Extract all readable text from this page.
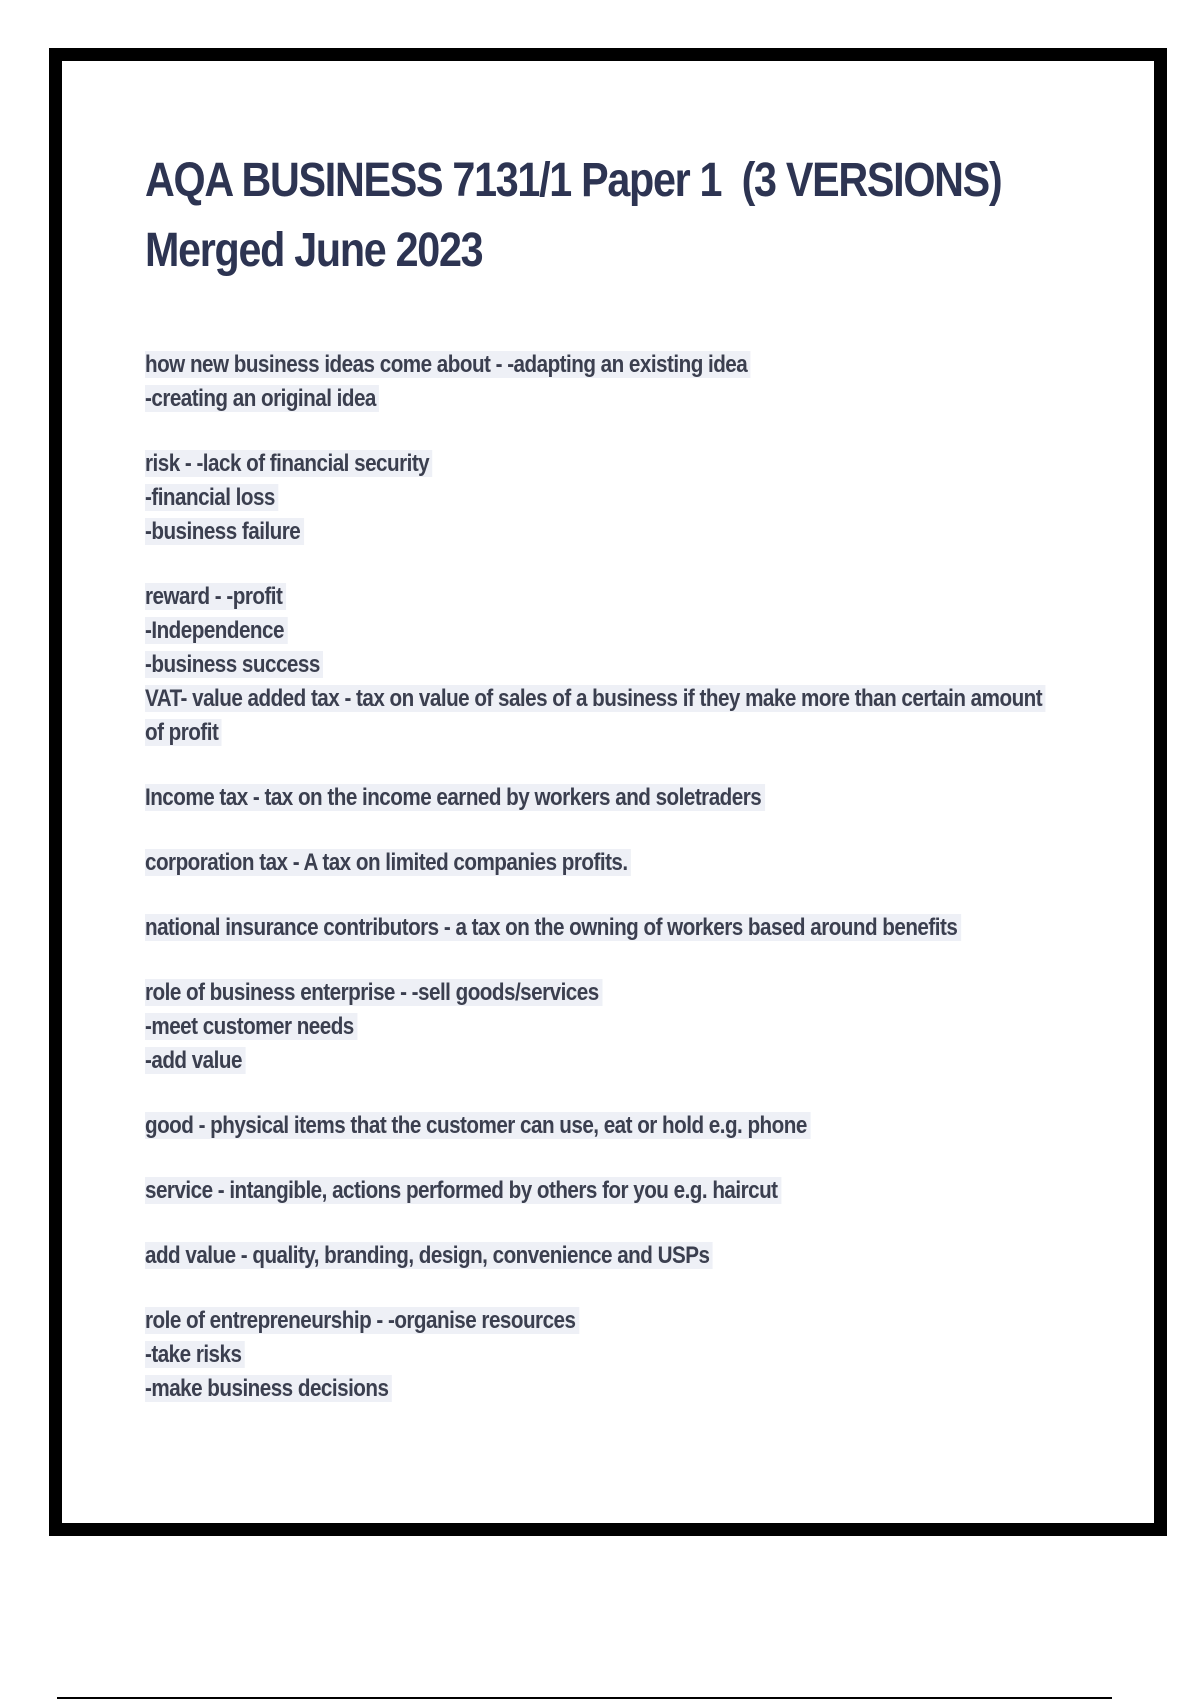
AQA BUSINESS 7131/1 Paper 1  (3 VERSIONS)
Merged June 2023
how new business ideas come about - -adapting an existing idea
-creating an original idea
risk - -lack of financial security
-financial loss
-business failure
reward - -profit
-Independence
-business success
VAT- value added tax - tax on value of sales of a business if they make more than certain amount
of profit
Income tax - tax on the income earned by workers and soletraders
corporation tax - A tax on limited companies profits.
national insurance contributors - a tax on the owning of workers based around benefits
role of business enterprise - -sell goods/services
-meet customer needs
-add value
good - physical items that the customer can use, eat or hold e.g. phone
service - intangible, actions performed by others for you e.g. haircut
add value - quality, branding, design, convenience and USPs
role of entrepreneurship - -organise resources
-take risks
-make business decisions
